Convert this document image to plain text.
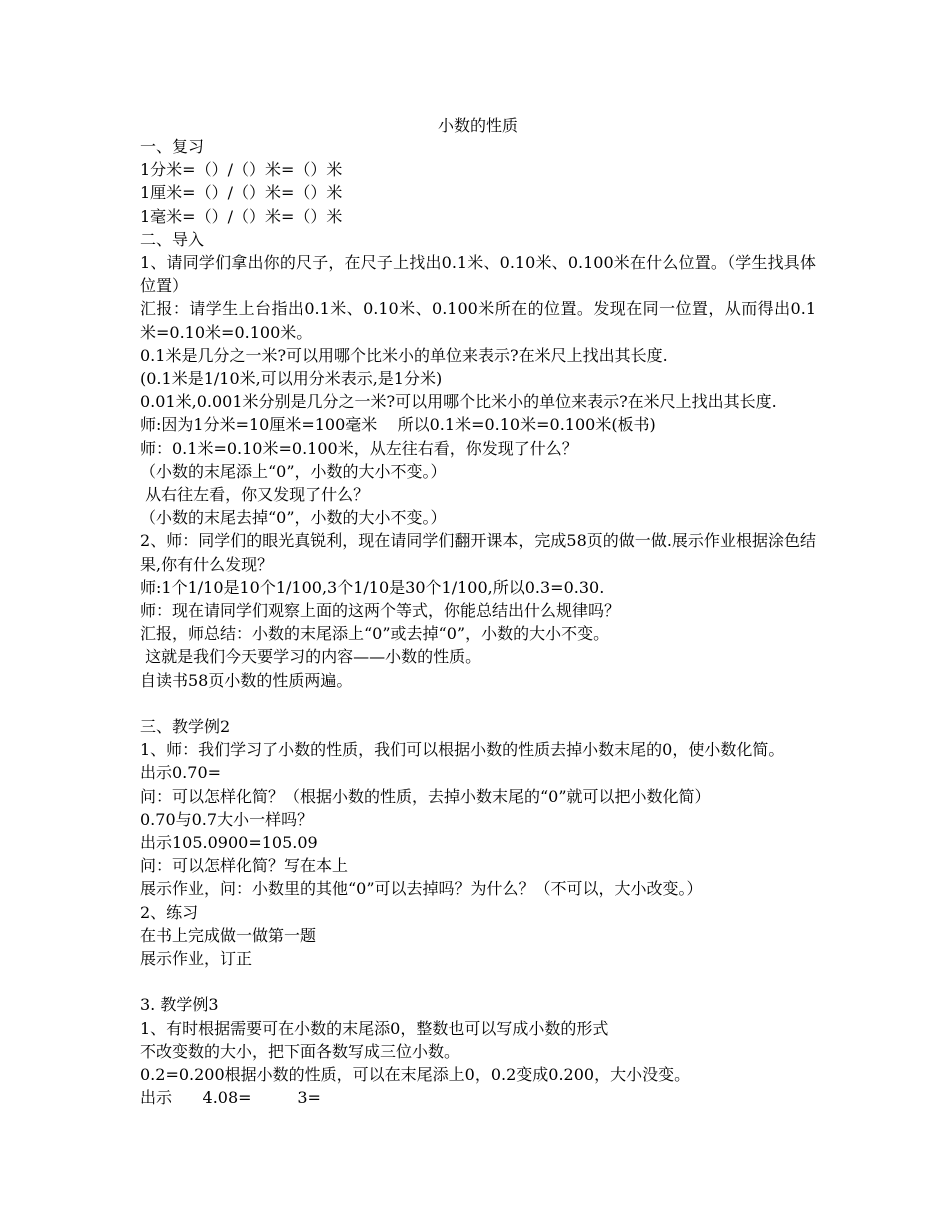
小数的性质

一、复习

1分米=（）/（）米=（）米

1厘米=（）/（）米=（）米

1毫米=（）/（）米=（）米

二、导入

1、请同学们拿出你的尺子，在尺子上找出0.1米、0.10米、0.100米在什么位置。（学生找具体位置）

汇报：请学生上台指出0.1米、0.10米、0.100米所在的位置。发现在同一位置，从而得出0.1米=0.10米=0.100米。

0.1米是几分之一米?可以用哪个比米小的单位来表示?在米尺上找出其长度.

(0.1米是1/10米,可以用分米表示,是1分米)

0.01米,0.001米分别是几分之一米?可以用哪个比米小的单位来表示?在米尺上找出其长度.

师:因为1分米=10厘米=100毫米    所以0.1米=0.10米=0.100米(板书)

师：0.1米=0.10米=0.100米，从左往右看，你发现了什么？

（小数的末尾添上“0”，小数的大小不变。）

从右往左看，你又发现了什么？

（小数的末尾去掉“0”，小数的大小不变。）

2、师：同学们的眼光真锐利，现在请同学们翻开课本，完成58页的做一做.展示作业根据涂色结果,你有什么发现？

师:1个1/10是10个1/100,3个1/10是30个1/100,所以0.3=0.30.

师：现在请同学们观察上面的这两个等式，你能总结出什么规律吗？

汇报，师总结：小数的末尾添上“0”或去掉“0”，小数的大小不变。

这就是我们今天要学习的内容——小数的性质。

自读书58页小数的性质两遍。

三、教学例2

1、师：我们学习了小数的性质，我们可以根据小数的性质去掉小数末尾的0，使小数化简。

出示0.70=

问：可以怎样化简？（根据小数的性质，去掉小数末尾的“0”就可以把小数化简）

0.70与0.7大小一样吗？

出示105.0900=105.09

问：可以怎样化简？写在本上

展示作业，问：小数里的其他“0”可以去掉吗？为什么？（不可以，大小改变。）

2、练习

在书上完成做一做第一题

展示作业，订正

3. 教学例3

1、有时根据需要可在小数的末尾添0，整数也可以写成小数的形式

不改变数的大小，把下面各数写成三位小数。

0.2=0.200根据小数的性质，可以在末尾添上0，0.2变成0.200，大小没变。

出示      4.08=         3=
